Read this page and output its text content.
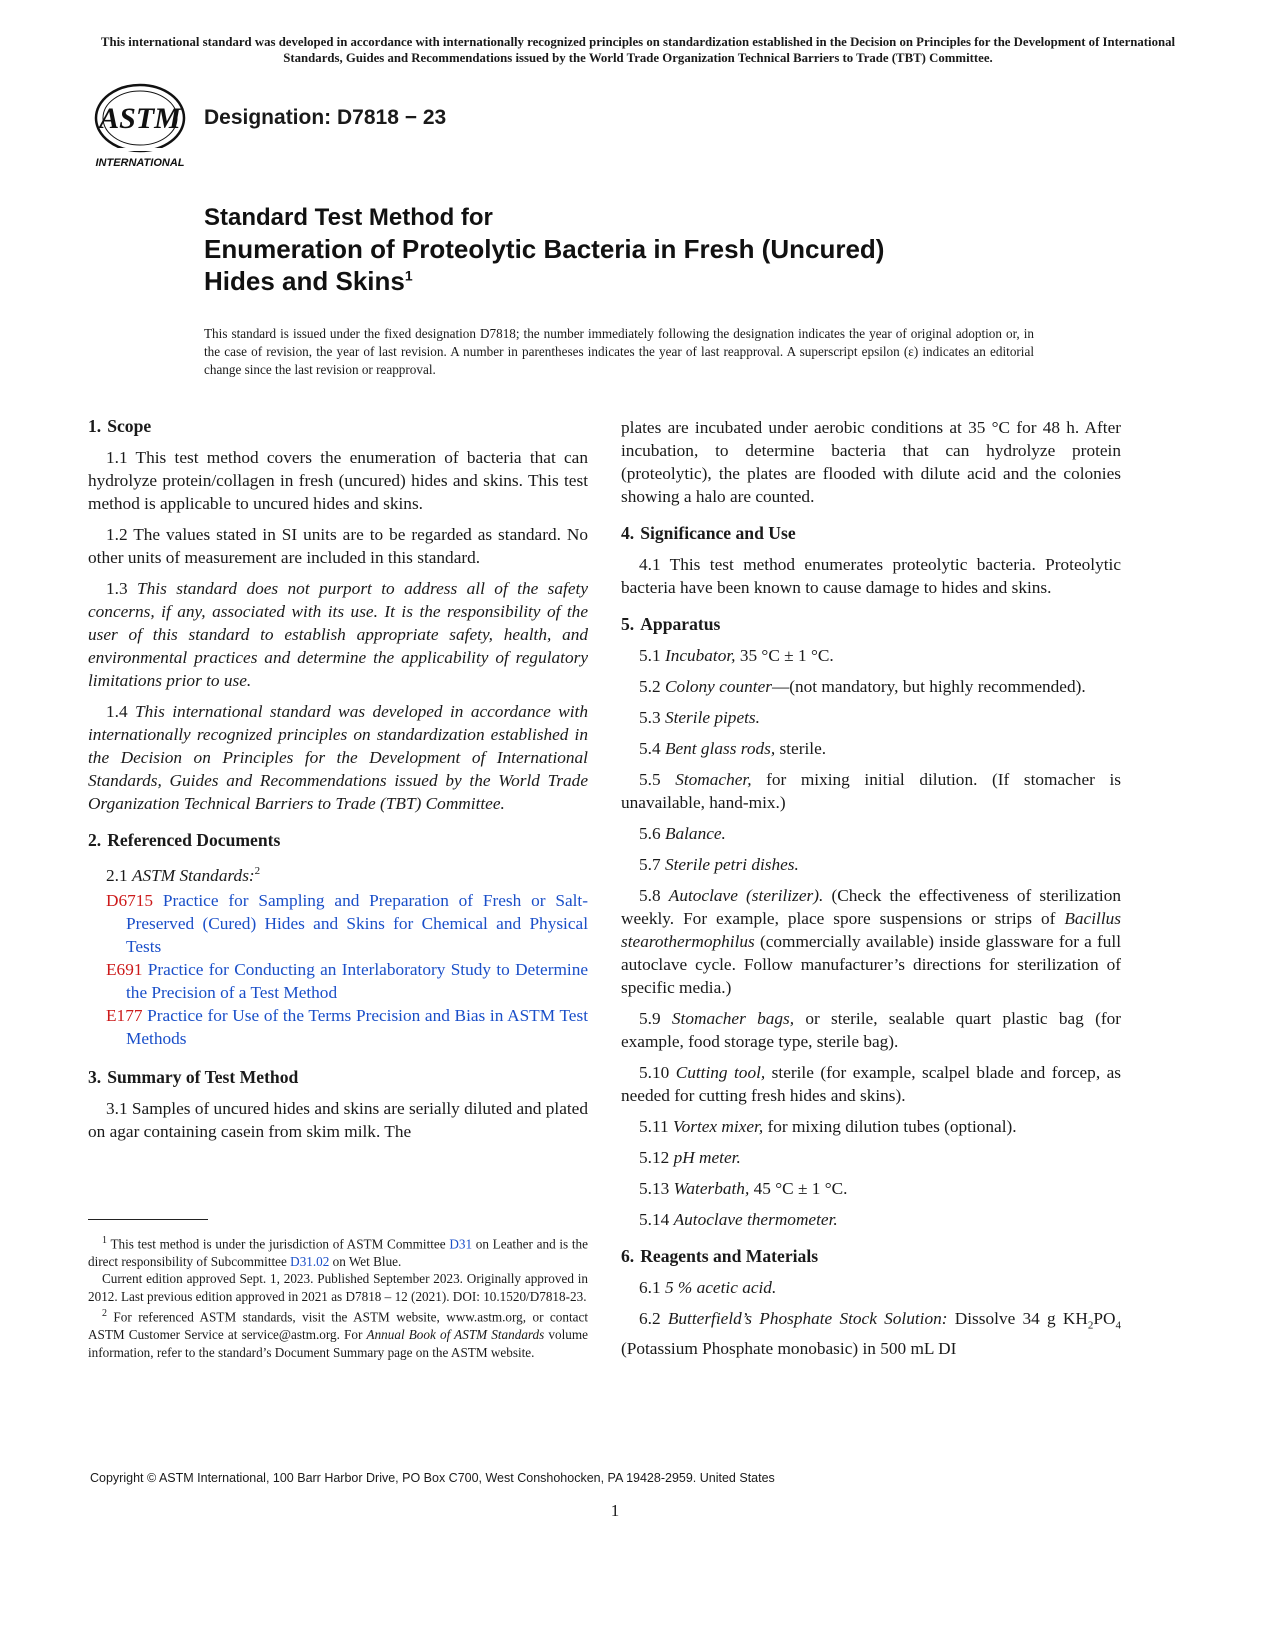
This international standard was developed in accordance with internationally recognized principles on standardization established in the Decision on Principles for the Development of International Standards, Guides and Recommendations issued by the World Trade Organization Technical Barriers to Trade (TBT) Committee.
ASTM
INTERNATIONAL
Designation: D7818 − 23
Standard Test Method for
Enumeration of Proteolytic Bacteria in Fresh (Uncured)
Hides and Skins$^1$
This standard is issued under the fixed designation D7818; the number immediately following the designation indicates the year of original adoption or, in the case of revision, the year of last revision. A number in parentheses indicates the year of last reapproval. A superscript epsilon (ε) indicates an editorial change since the last revision or reapproval.
1. Scope

1.1 This test method covers the enumeration of bacteria that can hydrolyze protein/collagen in fresh (uncured) hides and skins. This test method is applicable to uncured hides and skins.

1.2 The values stated in SI units are to be regarded as standard. No other units of measurement are included in this standard.

1.3 This standard does not purport to address all of the safety concerns, if any, associated with its use. It is the responsibility of the user of this standard to establish appropriate safety, health, and environmental practices and determine the applicability of regulatory limitations prior to use.

1.4 This international standard was developed in accordance with internationally recognized principles on standardization established in the Decision on Principles for the Development of International Standards, Guides and Recommendations issued by the World Trade Organization Technical Barriers to Trade (TBT) Committee.

2. Referenced Documents

2.1 ASTM Standards:$^2$

D6715 Practice for Sampling and Preparation of Fresh or Salt-Preserved (Cured) Hides and Skins for Chemical and Physical Tests
E691 Practice for Conducting an Interlaboratory Study to Determine the Precision of a Test Method
E177 Practice for Use of the Terms Precision and Bias in ASTM Test Methods
3. Summary of Test Method

3.1 Samples of uncured hides and skins are serially diluted and plated on agar containing casein from skim milk. The

$^1$ This test method is under the jurisdiction of ASTM Committee D31 on Leather and is the direct responsibility of Subcommittee D31.02 on Wet Blue.

Current edition approved Sept. 1, 2023. Published September 2023. Originally approved in 2012. Last previous edition approved in 2021 as D7818 – 12 (2021). DOI: 10.1520/D7818-23.

$^2$ For referenced ASTM standards, visit the ASTM website, www.astm.org, or contact ASTM Customer Service at service@astm.org. For Annual Book of ASTM Standards volume information, refer to the standard’s Document Summary page on the ASTM website.

plates are incubated under aerobic conditions at 35 °C for 48 h. After incubation, to determine bacteria that can hydrolyze protein (proteolytic), the plates are flooded with dilute acid and the colonies showing a halo are counted.

4. Significance and Use

4.1 This test method enumerates proteolytic bacteria. Proteolytic bacteria have been known to cause damage to hides and skins.

5. Apparatus

5.1 Incubator, 35 °C ± 1 °C.

5.2 Colony counter—(not mandatory, but highly recommended).

5.3 Sterile pipets.

5.4 Bent glass rods, sterile.

5.5 Stomacher, for mixing initial dilution. (If stomacher is unavailable, hand-mix.)

5.6 Balance.

5.7 Sterile petri dishes.

5.8 Autoclave (sterilizer). (Check the effectiveness of sterilization weekly. For example, place spore suspensions or strips of Bacillus stearothermophilus (commercially available) inside glassware for a full autoclave cycle. Follow manufacturer’s directions for sterilization of specific media.)

5.9 Stomacher bags, or sterile, sealable quart plastic bag (for example, food storage type, sterile bag).

5.10 Cutting tool, sterile (for example, scalpel blade and forcep, as needed for cutting fresh hides and skins).

5.11 Vortex mixer, for mixing dilution tubes (optional).

5.12 pH meter.

5.13 Waterbath, 45 °C ± 1 °C.

5.14 Autoclave thermometer.

6. Reagents and Materials

6.1 5 % acetic acid.

6.2 Butterfield’s Phosphate Stock Solution: Dissolve 34 g $KH_2PO_4$ (Potassium Phosphate monobasic) in 500 mL DI

Copyright © ASTM International, 100 Barr Harbor Drive, PO Box C700, West Conshohocken, PA 19428-2959. United States
1
